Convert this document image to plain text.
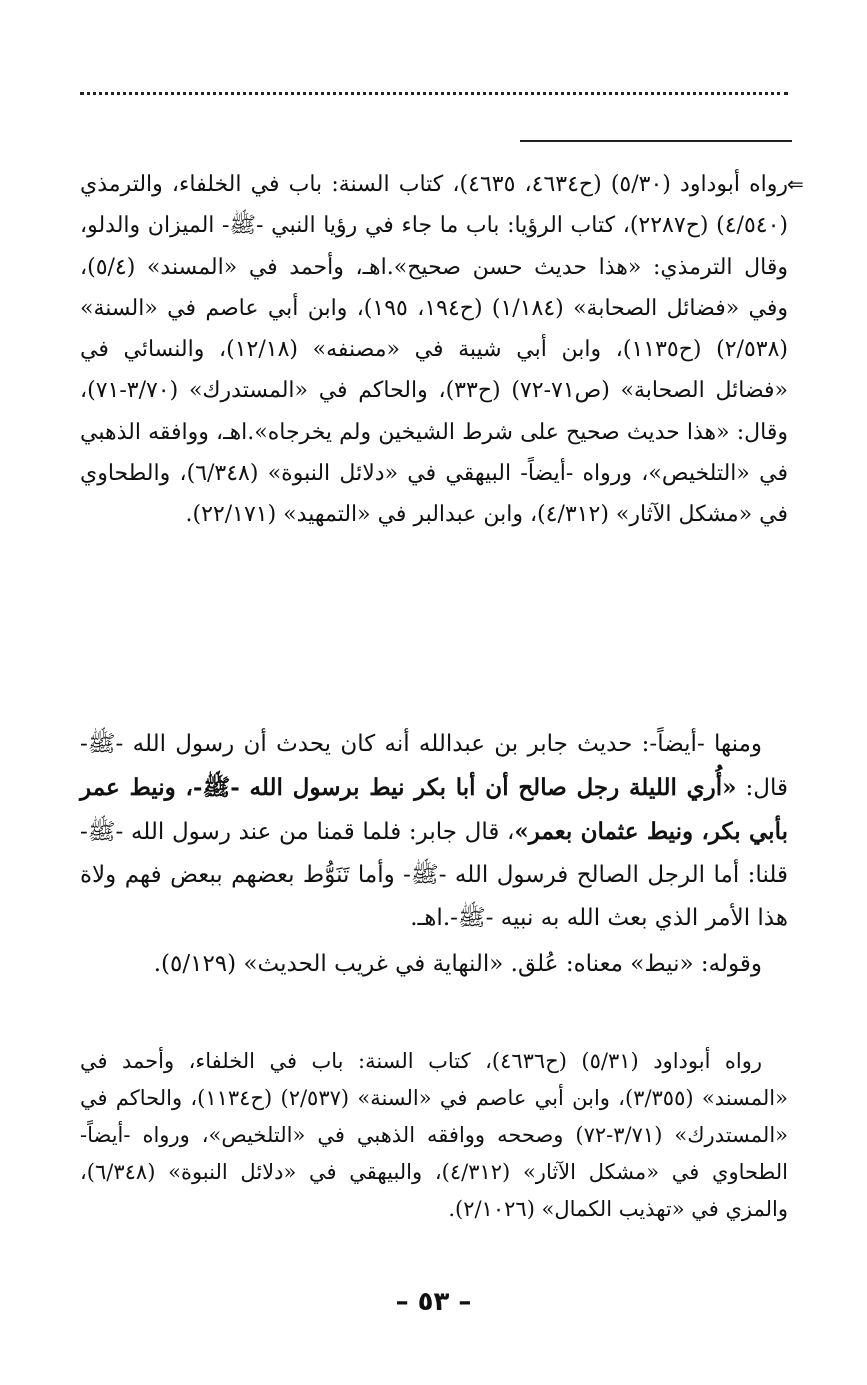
⇐

رواه أبوداود (٥/٣٠) (ح٤٦٣٤، ٤٦٣٥)، كتاب السنة: باب في الخلفاء، والترمذي (٤/٥٤٠) (ح٢٢٨٧)، كتاب الرؤيا: باب ما جاء في رؤيا النبي -ﷺ- الميزان والدلو، وقال الترمذي: «هذا حديث حسن صحيح».اهـ، وأحمد في «المسند» (٥/٤)، وفي «فضائل الصحابة» (١/١٨٤) (ح١٩٤، ١٩٥)، وابن أبي عاصم في «السنة» (٢/٥٣٨) (ح١١٣٥)، وابن أبي شيبة في «مصنفه» (١٢/١٨)، والنسائي في «فضائل الصحابة» (ص٧١-٧٢) (ح٣٣)، والحاكم في «المستدرك» (٣/٧٠-٧١)، وقال: «هذا حديث صحيح على شرط الشيخين ولم يخرجاه».اهـ، ووافقه الذهبي في «التلخيص»، ورواه -أيضاً- البيهقي في «دلائل النبوة» (٦/٣٤٨)، والطحاوي في «مشكل الآثار» (٤/٣١٢)، وابن عبدالبر في «التمهيد» (٢٢/١٧١).

ومنها -أيضاً-: حديث جابر بن عبدالله أنه كان يحدث أن رسول الله -ﷺ- قال: «أُري الليلة رجل صالح أن أبا بكر نيط برسول الله -ﷺ-، ونيط عمر بأبي بكر، ونيط عثمان بعمر»، قال جابر: فلما قمنا من عند رسول الله -ﷺ- قلنا: أما الرجل الصالح فرسول الله -ﷺ- وأما تَنَوُّط بعضهم ببعض فهم ولاة هذا الأمر الذي بعث الله به نبيه -ﷺ-.اهـ.

وقوله: «نيط» معناه: عُلق. «النهاية في غريب الحديث» (٥/١٢٩).

رواه أبوداود (٥/٣١) (ح٤٦٣٦)، كتاب السنة: باب في الخلفاء، وأحمد في «المسند» (٣/٣٥٥)، وابن أبي عاصم في «السنة» (٢/٥٣٧) (ح١١٣٤)، والحاكم في «المستدرك» (٣/٧١-٧٢) وصححه ووافقه الذهبي في «التلخيص»، ورواه -أيضاً- الطحاوي في «مشكل الآثار» (٤/٣١٢)، والبيهقي في «دلائل النبوة» (٦/٣٤٨)، والمزي في «تهذيب الكمال» (٢/١٠٢٦).

– ٥٣ –
